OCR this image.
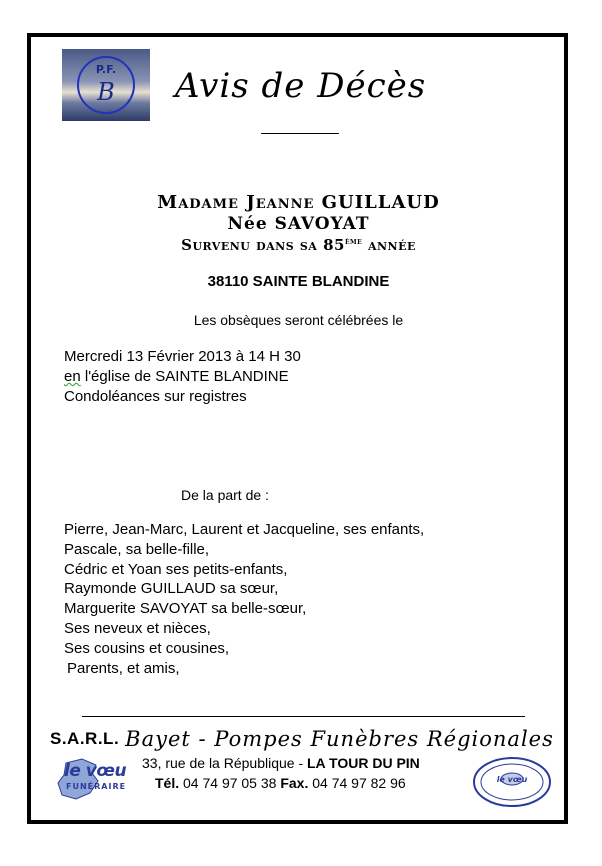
P.F.
B	Avis de Décès
Madame Jeanne GUILLAUD
Née SAVOYAT
Survenu dans sa 85ème année
38110 SAINTE BLANDINE
Les obsèques seront célébrées le
Mercredi 13 Février 2013 à 14 H 30
en l'église de SAINTE BLANDINE
Condoléances sur registres
De la part de :
Pierre, Jean-Marc, Laurent et Jacqueline, ses enfants,
Pascale, sa belle-fille,
Cédric et Yoan ses petits-enfants,
Raymonde GUILLAUD sa sœur,
Marguerite SAVOYAT sa belle-sœur,
Ses neveux et nièces,
Ses cousins et cousines,
Parents, et amis,
S.A.R.L. Bayet - Pompes Funèbres Régionales
33, rue de la République - LA TOUR DU PIN
Tél. 04 74 97 05 38 Fax. 04 74 97 82 96
le vœu
FUNÉRAIRE
le vœu
